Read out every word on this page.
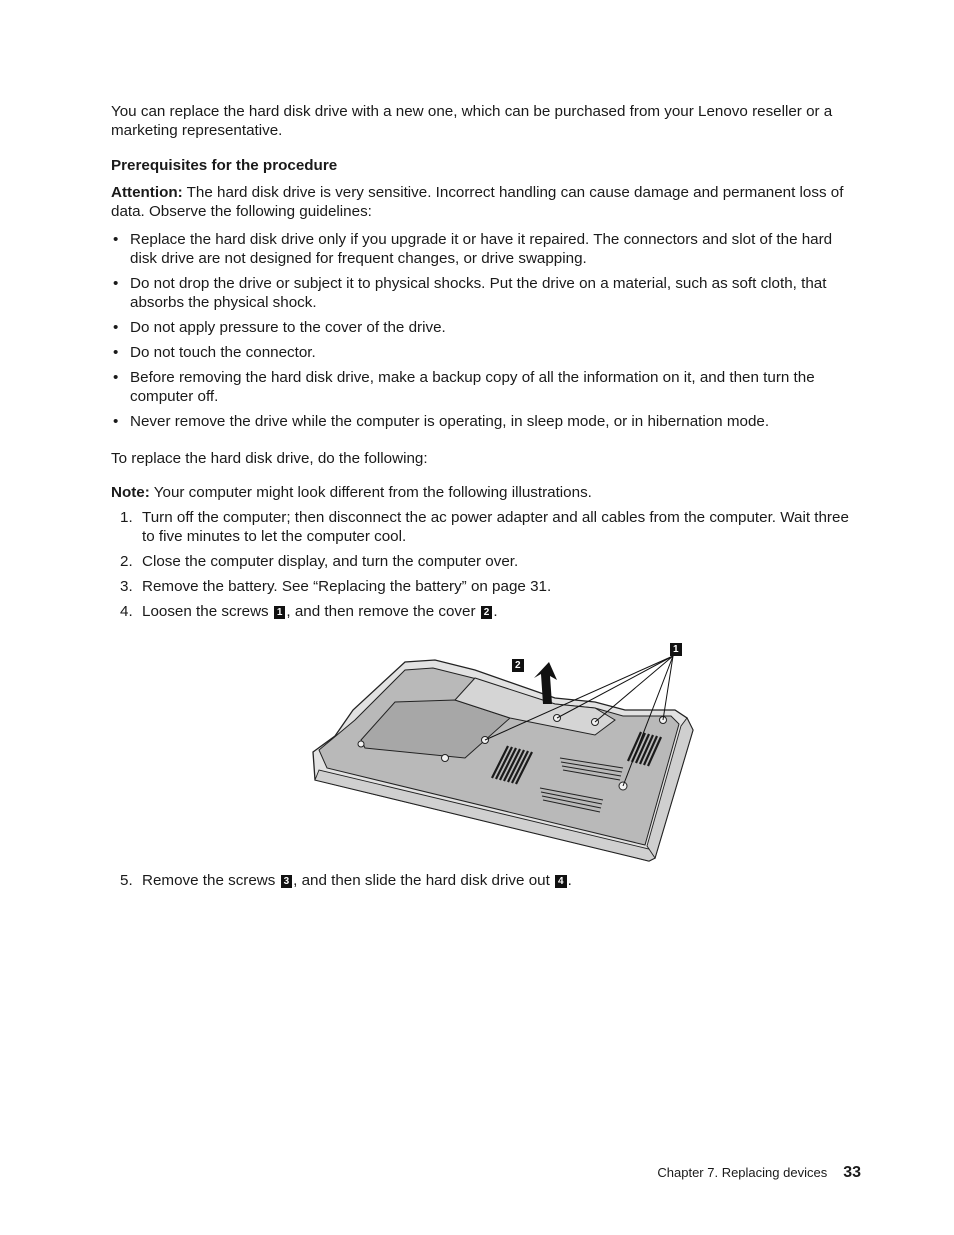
You can replace the hard disk drive with a new one, which can be purchased from your Lenovo reseller or a marketing representative.

Prerequisites for the procedure

Attention: The hard disk drive is very sensitive. Incorrect handling can cause damage and permanent loss of data. Observe the following guidelines:

• Replace the hard disk drive only if you upgrade it or have it repaired. The connectors and slot of the hard disk drive are not designed for frequent changes, or drive swapping.
• Do not drop the drive or subject it to physical shocks. Put the drive on a material, such as soft cloth, that absorbs the physical shock.
• Do not apply pressure to the cover of the drive.
• Do not touch the connector.
• Before removing the hard disk drive, make a backup copy of all the information on it, and then turn the computer off.
• Never remove the drive while the computer is operating, in sleep mode, or in hibernation mode.

To replace the hard disk drive, do the following:

Note: Your computer might look different from the following illustrations.

1. Turn off the computer; then disconnect the ac power adapter and all cables from the computer. Wait three to five minutes to let the computer cool.
2. Close the computer display, and turn the computer over.
3. Remove the battery. See “Replacing the battery” on page 31.
4. Loosen the screws 1 , and then remove the cover 2 .
1
2
5. Remove the screws 3 , and then slide the hard disk drive out 4 .
Chapter 7. Replacing devices 33
